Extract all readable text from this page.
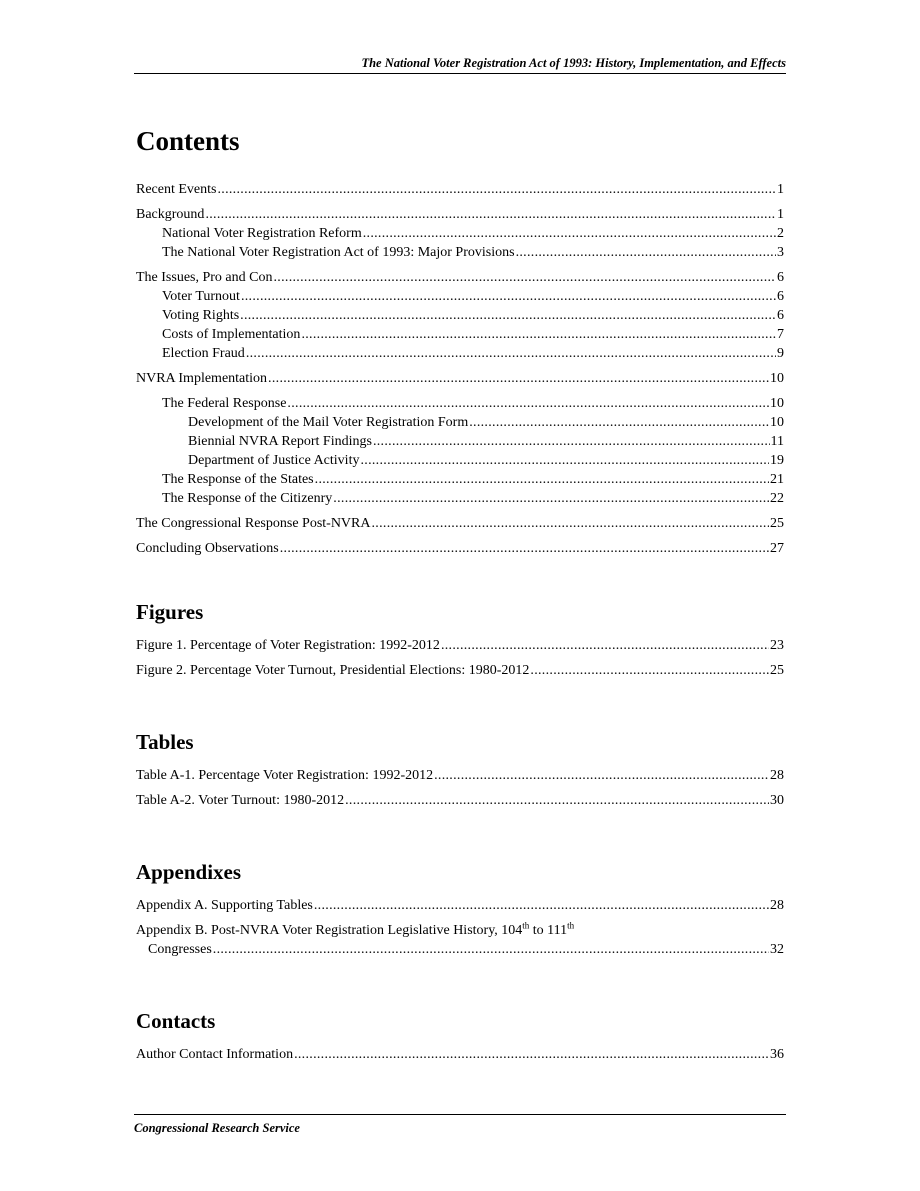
The National Voter Registration Act of 1993: History, Implementation, and Effects
Contents
Recent Events . . .	1
Background . . .	1
National Voter Registration Reform . . .	2
The National Voter Registration Act of 1993: Major Provisions . . .	3
The Issues, Pro and Con . . .	6
Voter Turnout . . .	6
Voting Rights . . .	6
Costs of Implementation . . .	7
Election Fraud . . .	9
NVRA Implementation . . .	10
The Federal Response . . .	10
Development of the Mail Voter Registration Form . . .	10
Biennial NVRA Report Findings . . .	11
Department of Justice Activity . . .	19
The Response of the States . . .	21
The Response of the Citizenry . . .	22
The Congressional Response Post-NVRA . . .	25
Concluding Observations . . .	27
Figures
Figure 1. Percentage of Voter Registration: 1992-2012 . . .	23
Figure 2. Percentage Voter Turnout, Presidential Elections: 1980-2012 . . .	25
Tables
Table A-1. Percentage Voter Registration: 1992-2012 . . .	28
Table A-2. Voter Turnout: 1980-2012 . . .	30
Appendixes
Appendix A. Supporting Tables . . .	28
Appendix B. Post-NVRA Voter Registration Legislative History, 104th to 111th
Congresses . . .	32
Contacts
Author Contact Information . . .	36
Congressional Research Service
